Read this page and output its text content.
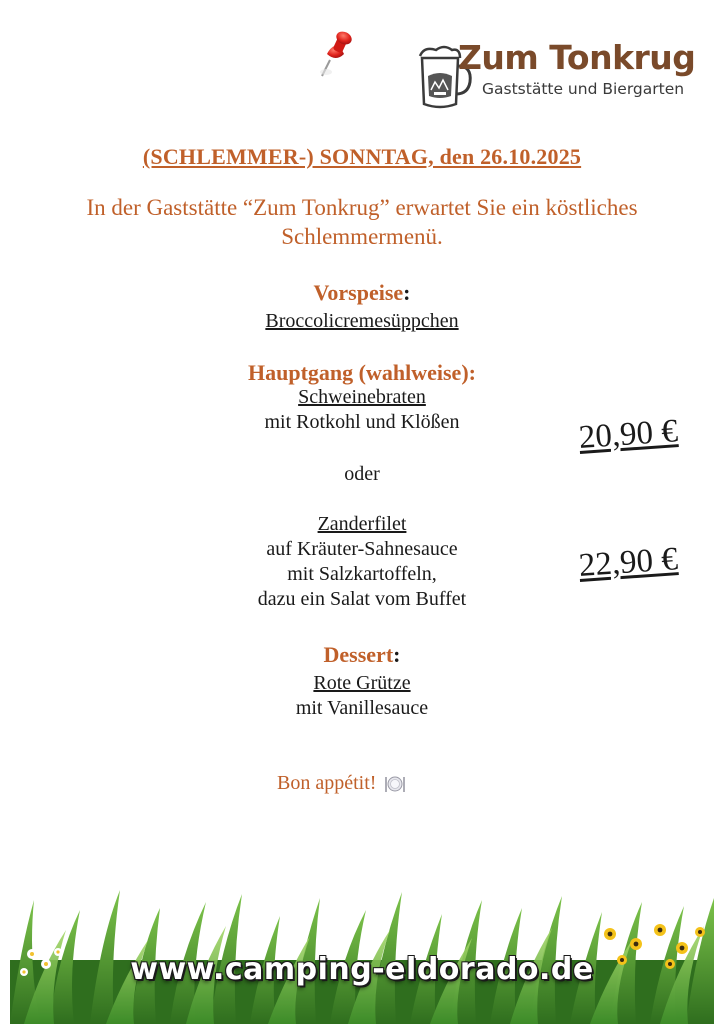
Zum Tonkrug
Gaststätte und Biergarten
(SCHLEMMER-) SONNTAG, den 26.10.2025
In der Gaststätte “Zum Tonkrug” erwartet Sie ein köstliches
Schlemmermenü.
Vorspeise:
Broccolicremesüppchen
Hauptgang (wahlweise):
Schweinebraten
mit Rotkohl und Klößen	20,90 €
oder
Zanderfilet
auf Kräuter-Sahnesauce
mit Salzkartoffeln,
dazu ein Salat vom Buffet
22,90 €
Dessert:
Rote Grütze
mit Vanillesauce
Bon appétit!
www.camping-eldorado.de
